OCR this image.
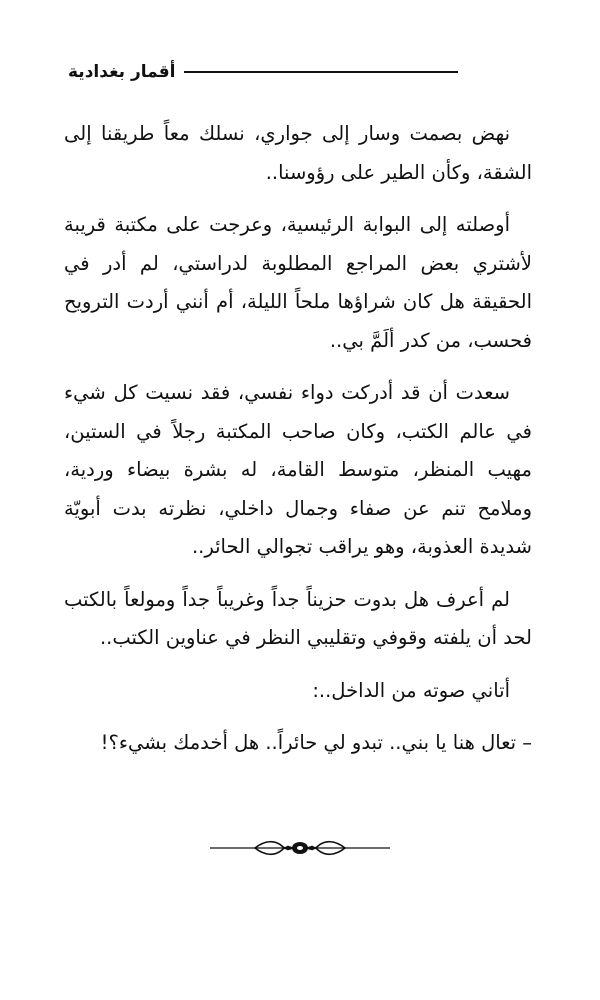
أقمار بغدادية

نهض بصمت وسار إلى جواري، نسلك معاً طريقنا إلى الشقة، وكأن الطير على رؤوسنا..

أوصلته إلى البوابة الرئيسية، وعرجت على مكتبة قريبة لأشتري بعض المراجع المطلوبة لدراستي، لم أدر في الحقيقة هل كان شراؤها ملحاً الليلة، أم أنني أردت الترويح فحسب، من كدر ألَمَّ بي..

سعدت أن قد أدركت دواء نفسي، فقد نسيت كل شيء في عالم الكتب، وكان صاحب المكتبة رجلاً في الستين، مهيب المنظر، متوسط القامة، له بشرة بيضاء وردية، وملامح تنم عن صفاء وجمال داخلي، نظرته بدت أبويّة شديدة العذوبة، وهو يراقب تجوالي الحائر..

لم أعرف هل بدوت حزيناً جداً وغريباً جداً ومولعاً بالكتب لحد أن يلفته وقوفي وتقليبي النظر في عناوين الكتب..

أتاني صوته من الداخل..:

– تعال هنا يا بني.. تبدو لي حائراً.. هل أخدمك بشيء؟!
